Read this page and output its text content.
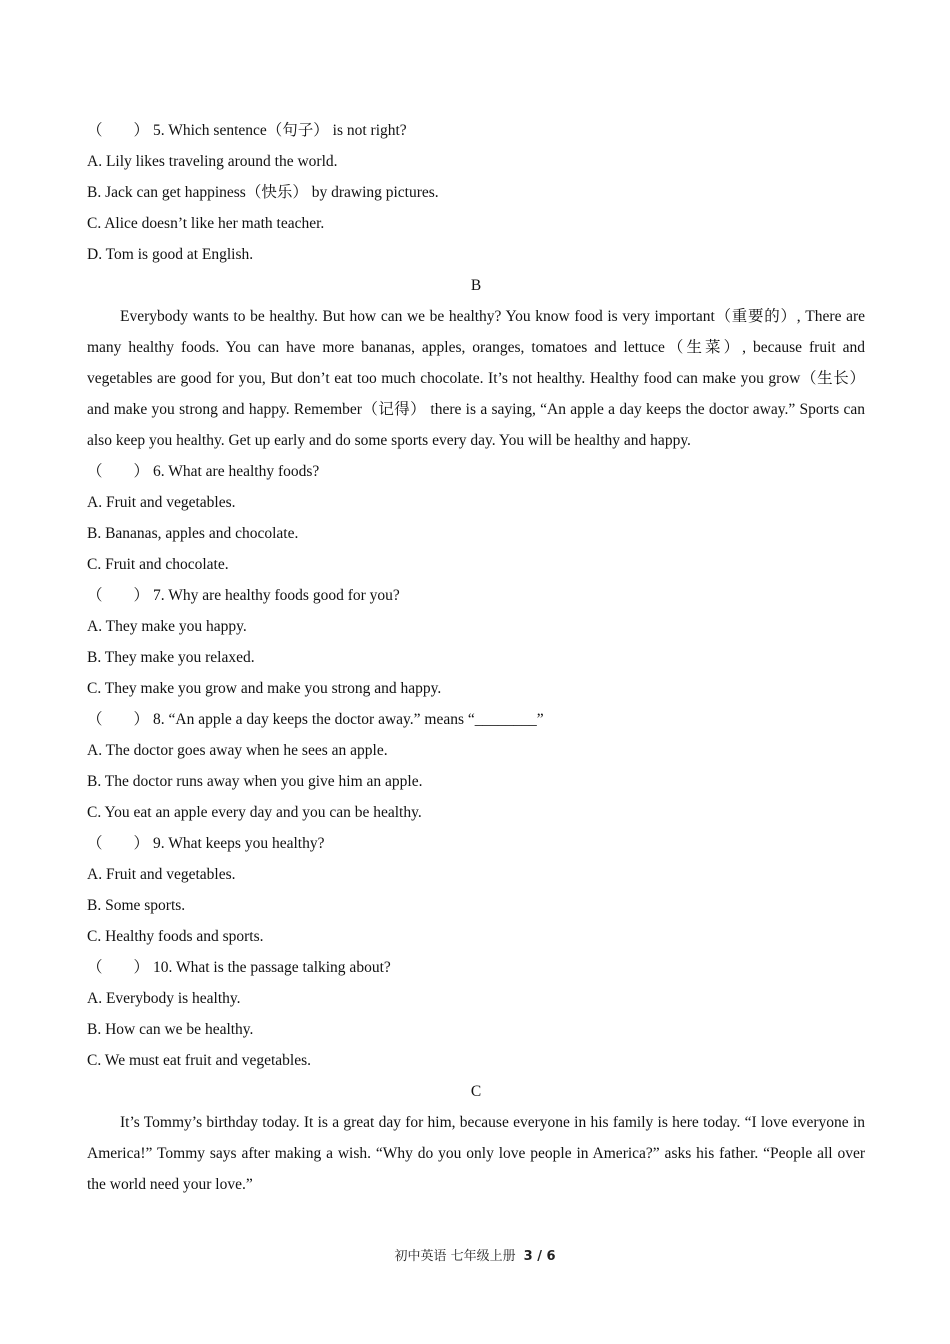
（　　） 5. Which sentence（句子） is not right?
A. Lily likes traveling around the world.
B. Jack can get happiness（快乐） by drawing pictures.
C. Alice doesn’t like her math teacher.
D. Tom is good at English.
B
Everybody wants to be healthy. But how can we be healthy? You know food is very important（重要的）, There are many healthy foods. You can have more bananas, apples, oranges, tomatoes and lettuce（生菜）, because fruit and vegetables are good for you, But don’t eat too much chocolate. It’s not healthy. Healthy food can make you grow（生长） and make you strong and happy. Remember（记得） there is a saying, “An apple a day keeps the doctor away.” Sports can also keep you healthy. Get up early and do some sports every day. You will be healthy and happy.
（　　） 6. What are healthy foods?
A. Fruit and vegetables.
B. Bananas, apples and chocolate.
C. Fruit and chocolate.
（　　） 7. Why are healthy foods good for you?
A. They make you happy.
B. They make you relaxed.
C. They make you grow and make you strong and happy.
（　　） 8. “An apple a day keeps the doctor away.” means “________”
A. The doctor goes away when he sees an apple.
B. The doctor runs away when you give him an apple.
C. You eat an apple every day and you can be healthy.
（　　） 9. What keeps you healthy?
A. Fruit and vegetables.
B. Some sports.
C. Healthy foods and sports.
（　　） 10. What is the passage talking about?
A. Everybody is healthy.
B. How can we be healthy.
C. We must eat fruit and vegetables.
C
It’s Tommy’s birthday today. It is a great day for him, because everyone in his family is here today. “I love everyone in America!” Tommy says after making a wish. “Why do you only love people in America?” asks his father. “People all over the world need your love.”
初中英语 七年级上册 3 / 6
